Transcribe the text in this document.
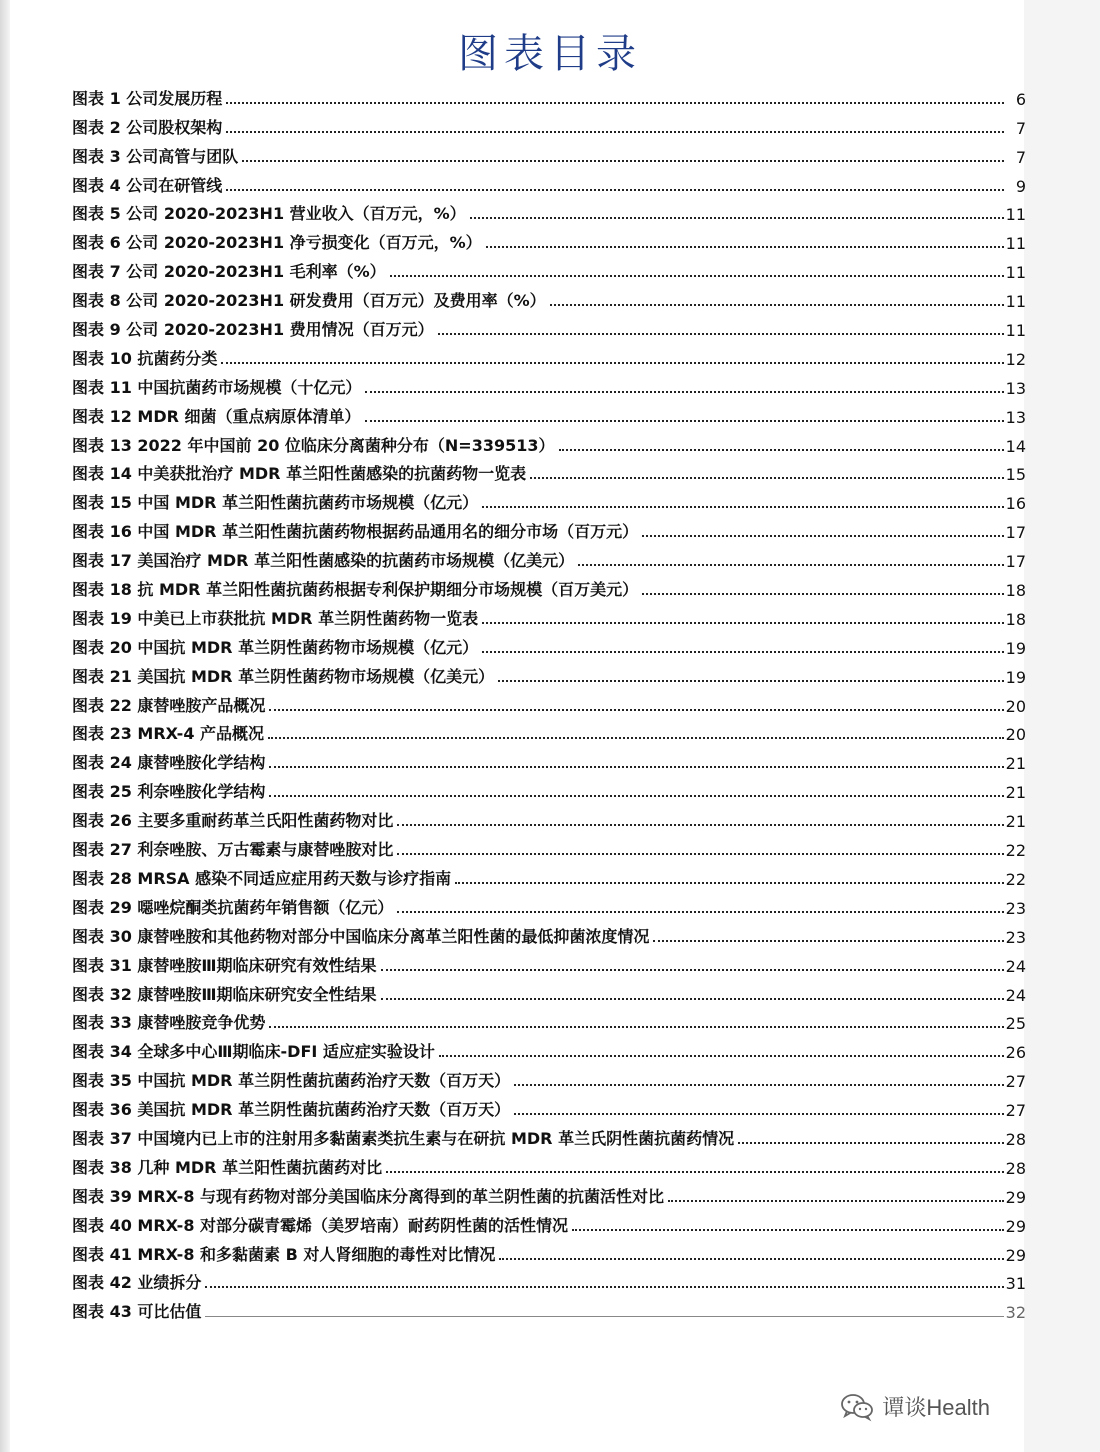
图表目录
图表 1 公司发展历程	6
图表 2 公司股权架构	7
图表 3 公司高管与团队	7
图表 4 公司在研管线	9
图表 5 公司 2020-2023H1 营业收入（百万元，%）	11
图表 6 公司 2020-2023H1 净亏损变化（百万元，%）	11
图表 7 公司 2020-2023H1 毛利率（%）	11
图表 8 公司 2020-2023H1 研发费用（百万元）及费用率（%）	11
图表 9 公司 2020-2023H1 费用情况（百万元）	11
图表 10 抗菌药分类	12
图表 11 中国抗菌药市场规模（十亿元）	13
图表 12 MDR 细菌（重点病原体清单）	13
图表 13 2022 年中国前 20 位临床分离菌种分布（N=339513）	14
图表 14 中美获批治疗 MDR 革兰阳性菌感染的抗菌药物一览表	15
图表 15 中国 MDR 革兰阳性菌抗菌药市场规模（亿元）	16
图表 16 中国 MDR 革兰阳性菌抗菌药物根据药品通用名的细分市场（百万元）	17
图表 17 美国治疗 MDR 革兰阳性菌感染的抗菌药市场规模（亿美元）	17
图表 18 抗 MDR 革兰阳性菌抗菌药根据专利保护期细分市场规模（百万美元）	18
图表 19 中美已上市获批抗 MDR 革兰阴性菌药物一览表	18
图表 20 中国抗 MDR 革兰阴性菌药物市场规模（亿元）	19
图表 21 美国抗 MDR 革兰阴性菌药物市场规模（亿美元）	19
图表 22 康替唑胺产品概况	20
图表 23 MRX-4 产品概况	20
图表 24 康替唑胺化学结构	21
图表 25 利奈唑胺化学结构	21
图表 26 主要多重耐药革兰氏阳性菌药物对比	21
图表 27 利奈唑胺、万古霉素与康替唑胺对比	22
图表 28 MRSA 感染不同适应症用药天数与诊疗指南	22
图表 29 噁唑烷酮类抗菌药年销售额（亿元）	23
图表 30 康替唑胺和其他药物对部分中国临床分离革兰阳性菌的最低抑菌浓度情况	23
图表 31 康替唑胺Ⅲ期临床研究有效性结果	24
图表 32 康替唑胺Ⅲ期临床研究安全性结果	24
图表 33 康替唑胺竞争优势	25
图表 34 全球多中心Ⅲ期临床-DFI 适应症实验设计	26
图表 35 中国抗 MDR 革兰阴性菌抗菌药治疗天数（百万天）	27
图表 36 美国抗 MDR 革兰阴性菌抗菌药治疗天数（百万天）	27
图表 37 中国境内已上市的注射用多黏菌素类抗生素与在研抗 MDR 革兰氏阴性菌抗菌药情况	28
图表 38 几种 MDR 革兰阳性菌抗菌药对比	28
图表 39 MRX-8 与现有药物对部分美国临床分离得到的革兰阴性菌的抗菌活性对比	29
图表 40 MRX-8 对部分碳青霉烯（美罗培南）耐药阴性菌的活性情况	29
图表 41 MRX-8 和多黏菌素 B 对人肾细胞的毒性对比情况	29
图表 42 业绩拆分	31
图表 43 可比估值	32
谭谈Health
